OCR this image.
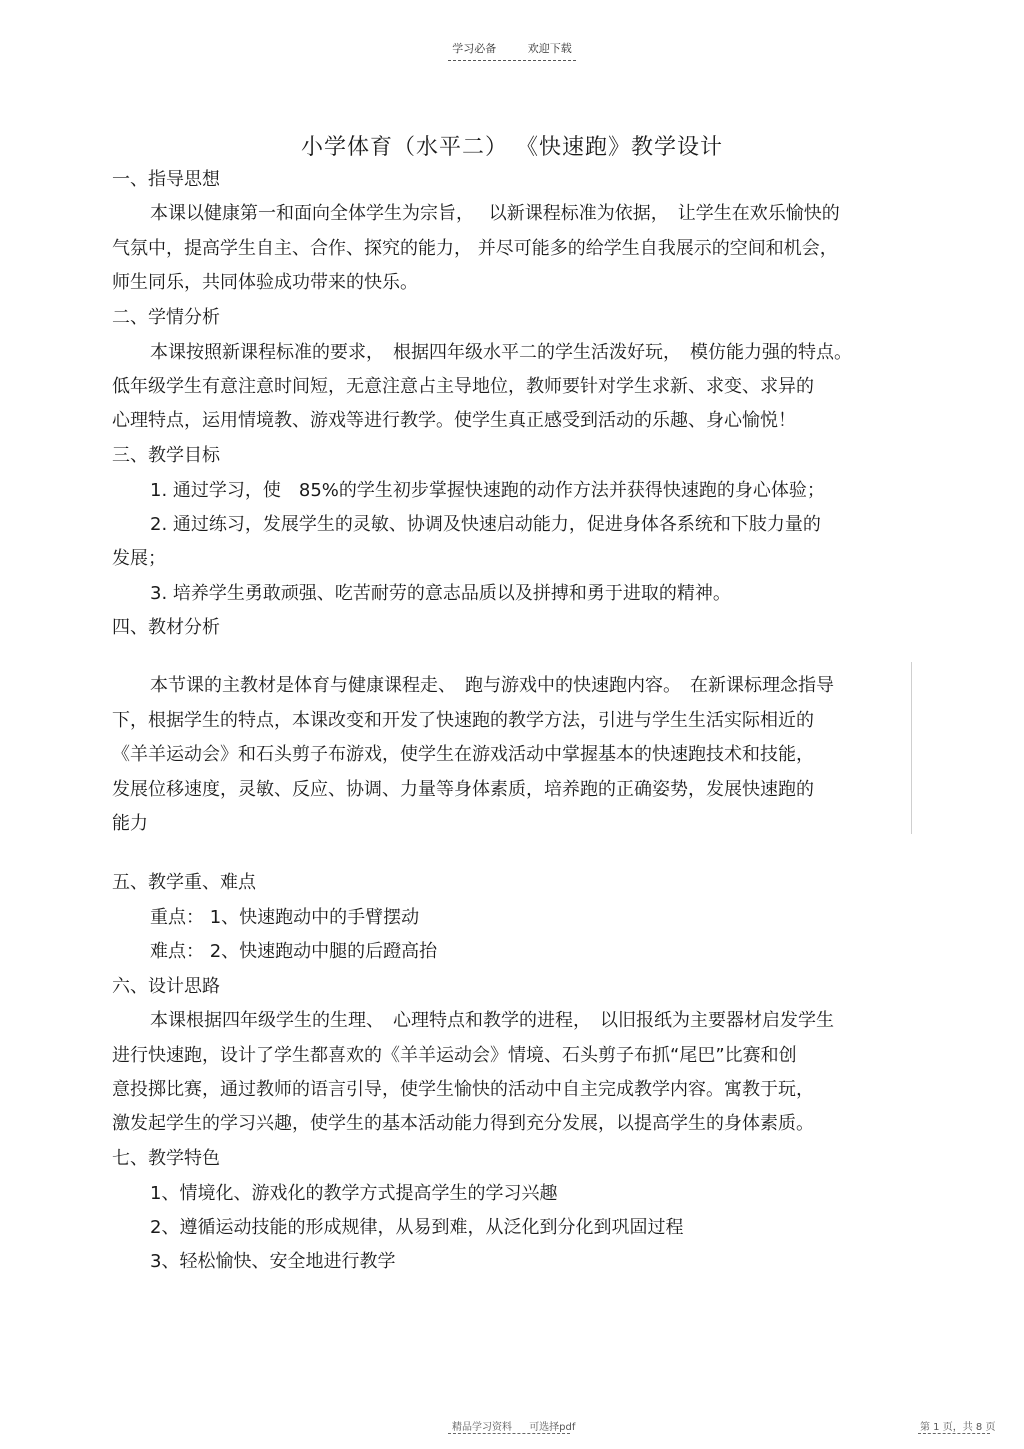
学习必备	欢迎下载
小学体育（水平二） 《快速跑》教学设计
一、指导思想
本课以健康第一和面向全体学生为宗旨，　 以新课程标准为依据，　让学生在欢乐愉快的
气氛中，提高学生自主、合作、探究的能力， 并尽可能多的给学生自我展示的空间和机会，
师生同乐，共同体验成功带来的快乐。
二、学情分析
本课按照新课程标准的要求，　根据四年级水平二的学生活泼好玩，　模仿能力强的特点。
低年级学生有意注意时间短，无意注意占主导地位，教师要针对学生求新、求变、求异的
心理特点，运用情境教、游戏等进行教学。使学生真正感受到活动的乐趣、身心愉悦！
三、教学目标
1. 通过学习，使　85%的学生初步掌握快速跑的动作方法并获得快速跑的身心体验；
2. 通过练习，发展学生的灵敏、协调及快速启动能力，促进身体各系统和下肢力量的
发展；
3. 培养学生勇敢顽强、吃苦耐劳的意志品质以及拼搏和勇于进取的精神。
四、教材分析
本节课的主教材是体育与健康课程走、　跑与游戏中的快速跑内容。　在新课标理念指导
下，根据学生的特点，本课改变和开发了快速跑的教学方法，引进与学生生活实际相近的
《羊羊运动会》和石头剪子布游戏，使学生在游戏活动中掌握基本的快速跑技术和技能，
发展位移速度，灵敏、反应、协调、力量等身体素质，培养跑的正确姿势，发展快速跑的
能力
五、教学重、难点
重点： 1、快速跑动中的手臂摆动
难点： 2、快速跑动中腿的后蹬高抬
六、设计思路
本课根据四年级学生的生理、　心理特点和教学的进程，　以旧报纸为主要器材启发学生
进行快速跑，设计了学生都喜欢的《羊羊运动会》情境、石头剪子布抓“尾巴”比赛和创
意投掷比赛，通过教师的语言引导，使学生愉快的活动中自主完成教学内容。寓教于玩，
激发起学生的学习兴趣，使学生的基本活动能力得到充分发展，以提高学生的身体素质。
七、教学特色
1、情境化、游戏化的教学方式提高学生的学习兴趣
2、遵循运动技能的形成规律，从易到难，从泛化到分化到巩固过程
3、轻松愉快、安全地进行教学
精品学习资料 可选择pdf	第 1 页，共 8 页
